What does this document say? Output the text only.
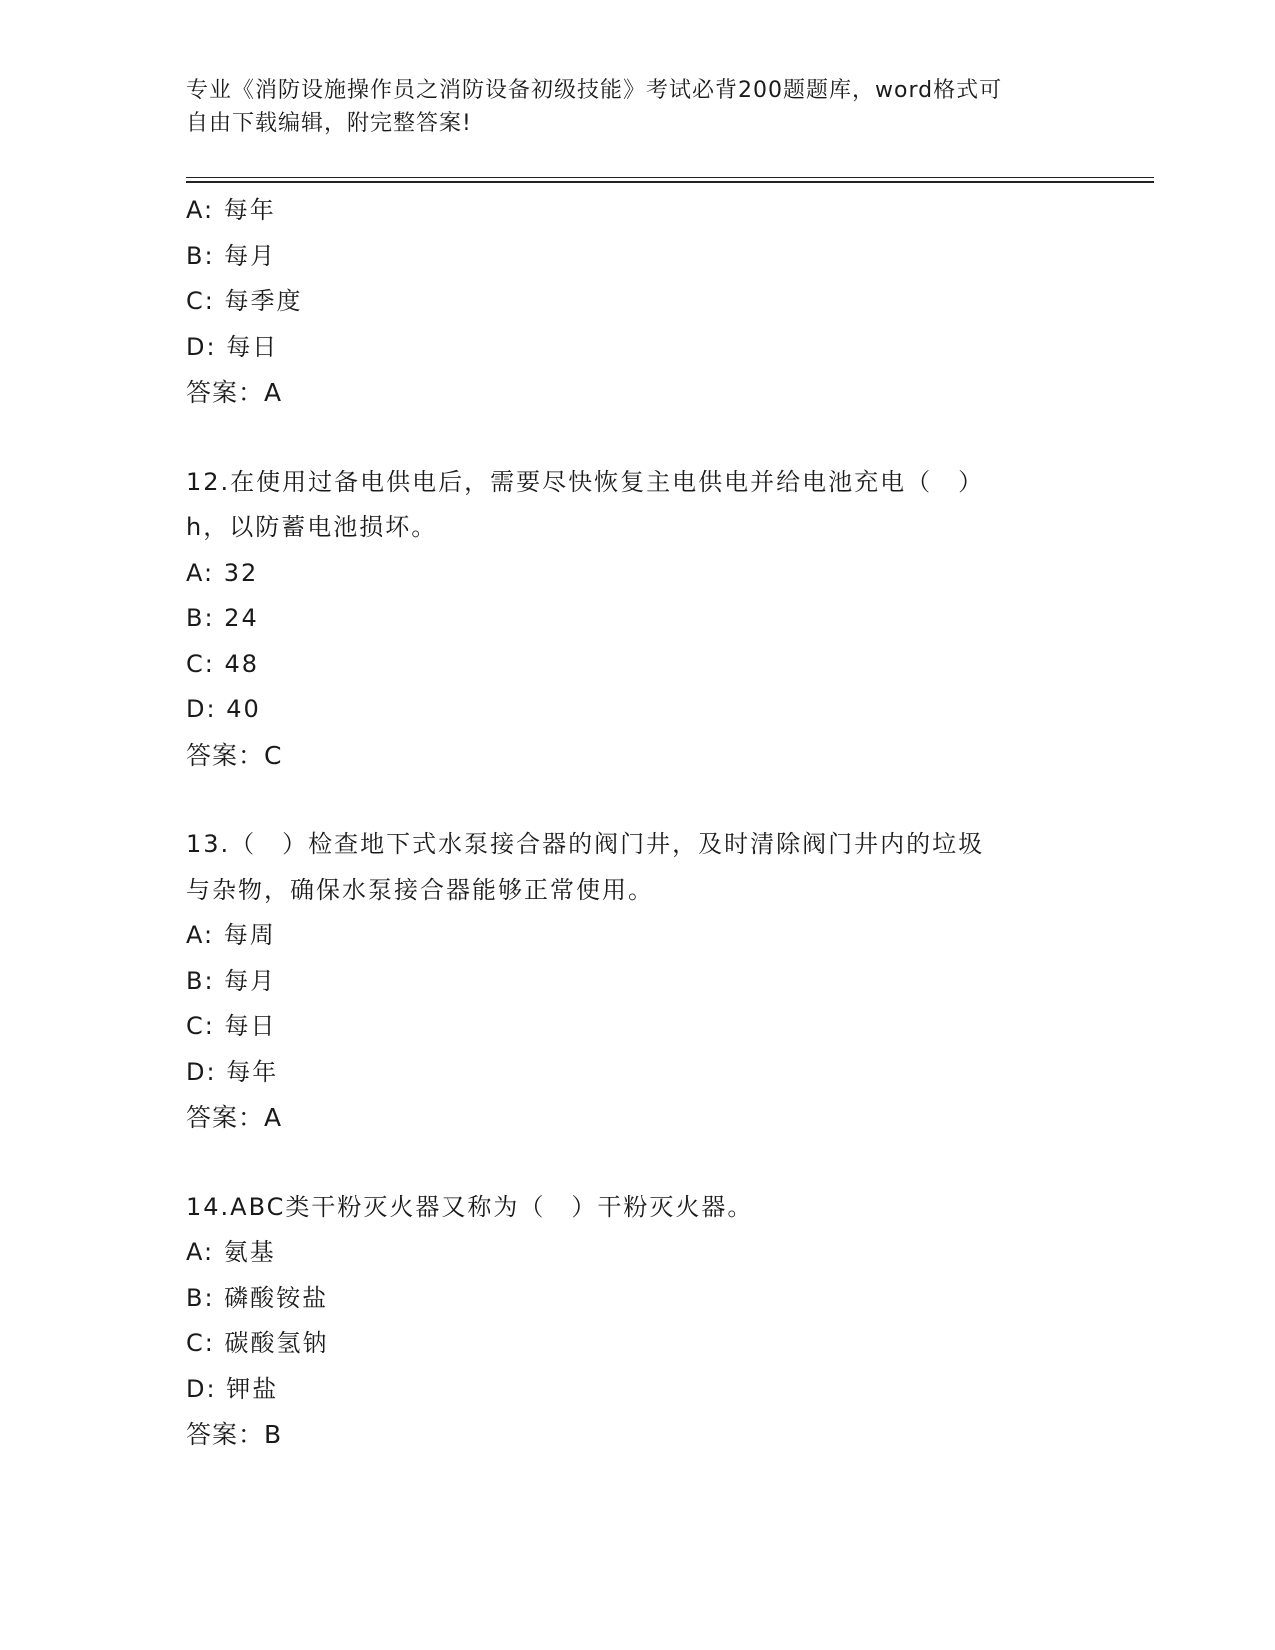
专业《消防设施操作员之消防设备初级技能》考试必背200题题库，word格式可
自由下载编辑，附完整答案!
A: 每年
B: 每月
C: 每季度
D: 每日
答案：A
12.在使用过备电供电后，需要尽快恢复主电供电并给电池充电（　）
h，以防蓄电池损坏。
A: 32
B: 24
C: 48
D: 40
答案：C
13.（　）检查地下式水泵接合器的阀门井，及时清除阀门井内的垃圾
与杂物，确保水泵接合器能够正常使用。
A: 每周
B: 每月
C: 每日
D: 每年
答案：A
14.ABC类干粉灭火器又称为（　）干粉灭火器。
A: 氨基
B: 磷酸铵盐
C: 碳酸氢钠
D: 钾盐
答案：B
